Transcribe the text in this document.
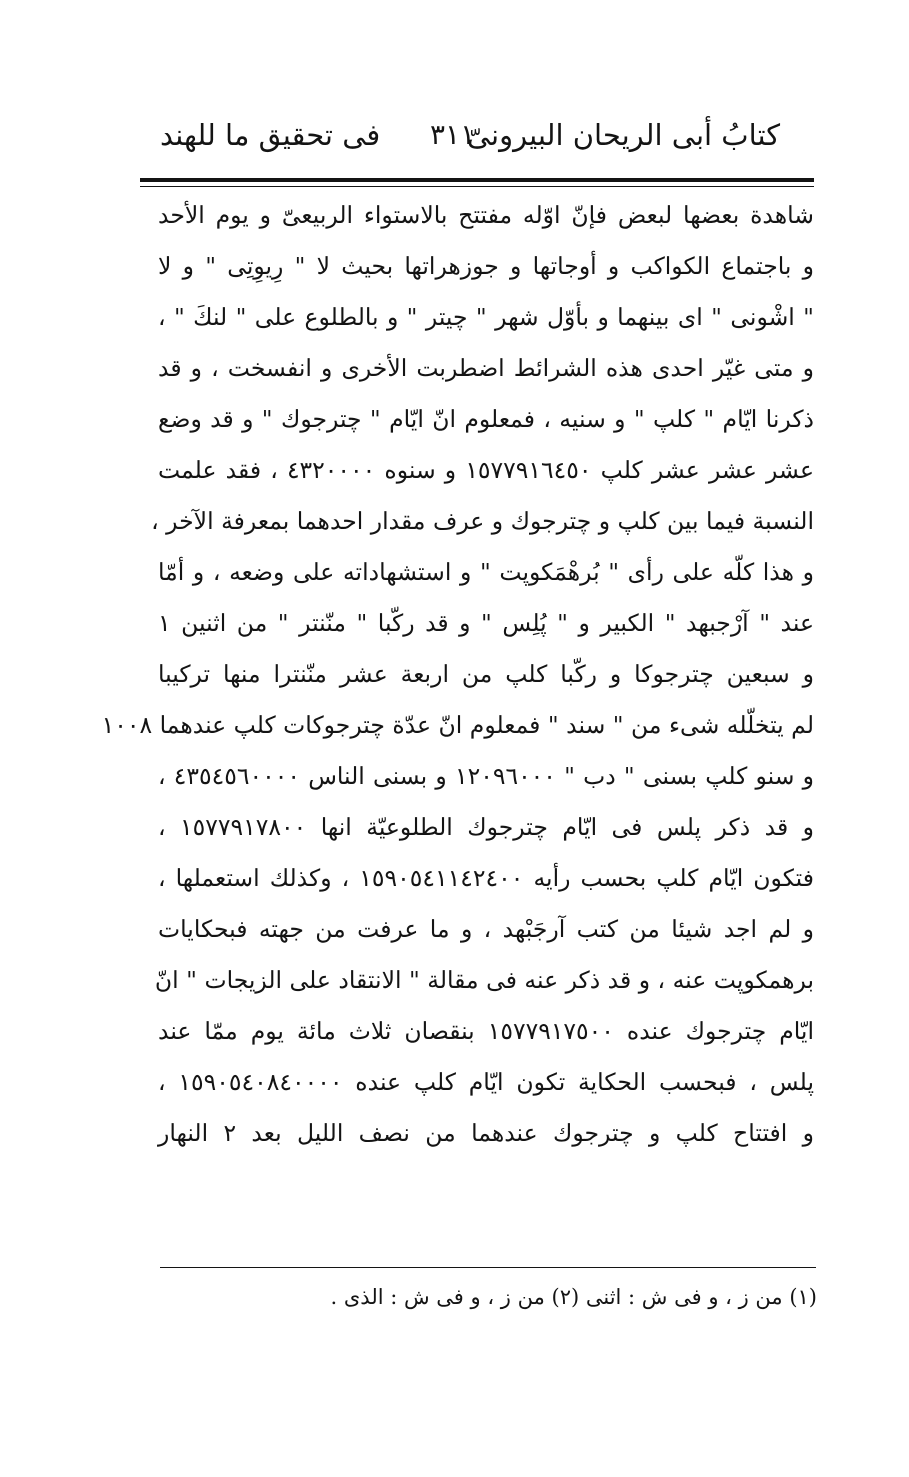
كتابُ أبى الريحان البيرونىّ
٣١١
فى تحقيق ما للهند
شاهدة بعضها لبعض فإنّ اوّله مفتتح بالاستواء الربيعىّ و يوم الأحد
و باجتماع الكواكب و أوجاتها و جوزهراتها بحيث لا " رِيوِتِى " و لا
" اشْونى " اى بينهما و بأوّل شهر " چيتر " و بالطلوع على " لنكَ " ،
و متى غيّر احدى هذه الشرائط اضطربت الأخرى و انفسخت ، و قد
ذكرنا ايّام " كلپ " و سنيه ، فمعلوم انّ ايّام " چترجوك " و قد وضع
عشر عشر عشر كلپ ١٥٧٧٩١٦٤٥٠ و سنوه ٤٣٢٠٠٠٠ ، فقد علمت
النسبة فيما بين كلپ و چترجوك و عرف مقدار احدهما بمعرفة الآخر ،
و هذا كلّه على رأى " بُرهْمَكوپت " و استشهاداته على وضعه ، و أمّا
عند " آرْجبهد " الكبير و " پُلِس " و قد ركّبا " منّنتر " من اثنين ١
و سبعين چترجوكا و ركّبا كلپ من اربعة عشر منّنترا منها تركيبا
لم يتخلّله شىء من " سند " فمعلوم انّ عدّة چترجوكات كلپ عندهما ١٠٠٨
و سنو كلپ بسنى " دب " ١٢٠٩٦٠٠٠ و بسنى الناس ٤٣٥٤٥٦٠٠٠٠ ،
و قد ذكر پلس فى ايّام چترجوك الطلوعيّة انها ١٥٧٧٩١٧٨٠٠ ،
فتكون ايّام كلپ بحسب رأيه ١٥٩٠٥٤١١٤٢٤٠٠ ، وكذلك استعملها ،
و لم اجد شيئا من كتب آرجَبْهد ، و ما عرفت من جهته فبحكايات
برهمكوپت عنه ، و قد ذكر عنه فى مقالة " الانتقاد على الزيجات " انّ
ايّام چترجوك عنده ١٥٧٧٩١٧٥٠٠ بنقصان ثلاث مائة يوم ممّا عند
پلس ، فبحسب الحكاية تكون ايّام كلپ عنده ١٥٩٠٥٤٠٨٤٠٠٠٠ ،
و افتتاح كلپ و چترجوك عندهما من نصف الليل بعد ٢ النهار
(١) من ز ، و فى ش : اثنى (٢) من ز ، و فى ش : الذى .
